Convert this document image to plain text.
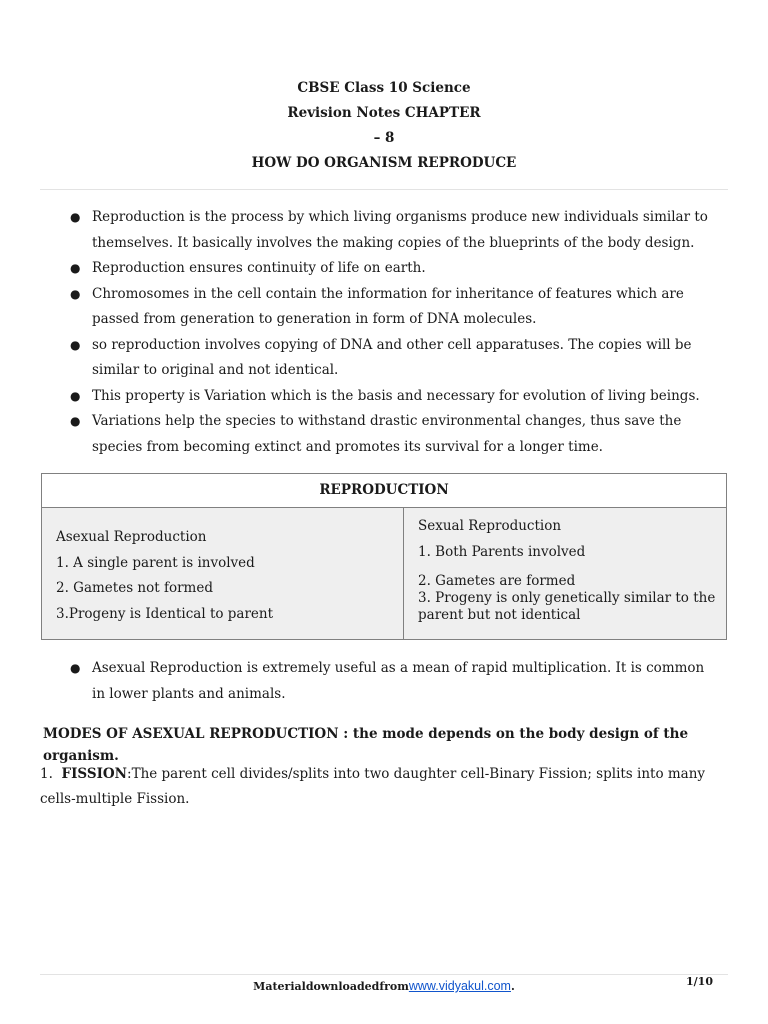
CBSE Class 10 Science
Revision Notes CHAPTER
– 8
HOW DO ORGANISM REPRODUCE
● Reproduction is the process by which living organisms produce new individuals similar to themselves. It basically involves the making copies of the blueprints of the body design.
● Reproduction ensures continuity of life on earth.
● Chromosomes in the cell contain the information for inheritance of features which are passed from generation to generation in form of DNA molecules.
● so reproduction involves copying of DNA and other cell apparatuses. The copies will be similar to original and not identical.
● This property is Variation which is the basis and necessary for evolution of living beings.
● Variations help the species to withstand drastic environmental changes, thus save the species from becoming extinct and promotes its survival for a longer time.
REPRODUCTION
Asexual Reproduction
1. A single parent is involved
2. Gametes not formed
3.Progeny is Identical to parent
Sexual Reproduction
1. Both Parents involved
2. Gametes are formed
3. Progeny is only genetically similar to the parent but not identical
● Asexual Reproduction is extremely useful as a mean of rapid multiplication. It is common in lower plants and animals.
MODES OF ASEXUAL REPRODUCTION : the mode depends on the body design of the organism.
1. FISSION:The parent cell divides/splits into two daughter cell-Binary Fission; splits into many cells-multiple Fission.
Materialdownloadedfromwww.vidyakul.com.	1/10
